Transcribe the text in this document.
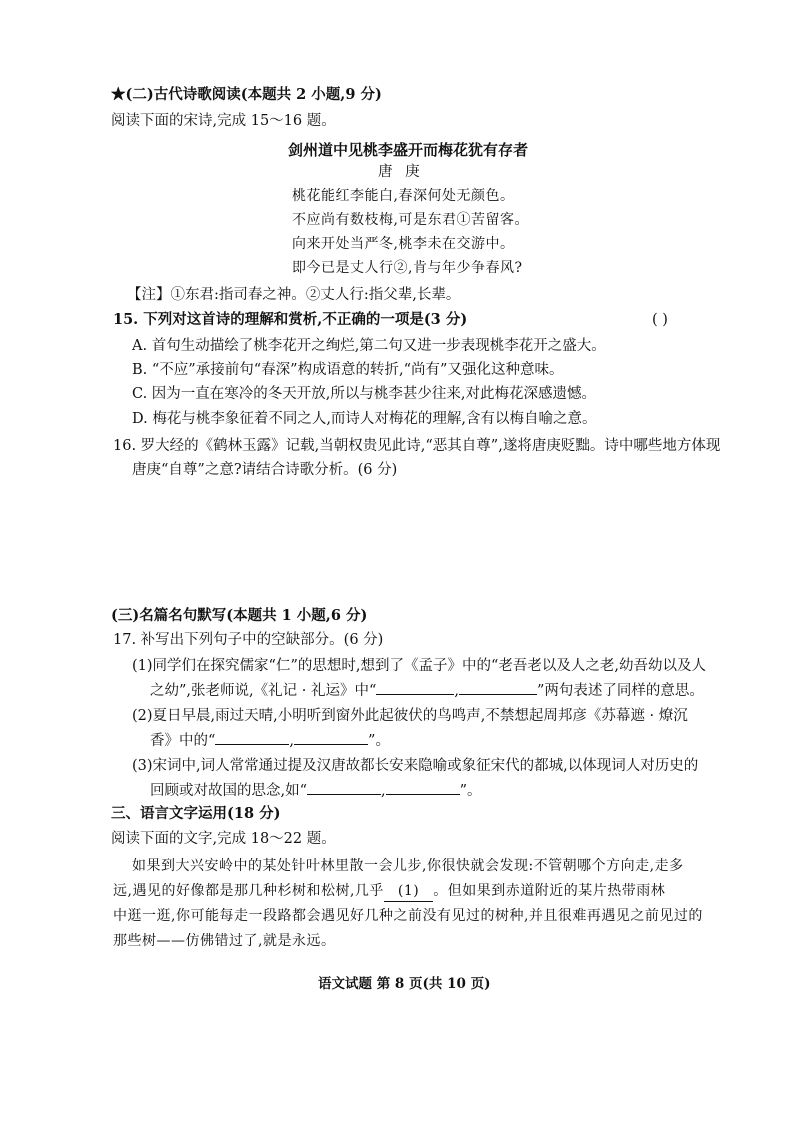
★(二)古代诗歌阅读(本题共 2 小题,9 分)
阅读下面的宋诗,完成 15～16 题。
剑州道中见桃李盛开而梅花犹有存者
唐 庚
桃花能红李能白,春深何处无颜色。
不应尚有数枝梅,可是东君①苦留客。
向来开处当严冬,桃李未在交游中。
即今已是丈人行②,肯与年少争春风?
【注】①东君:指司春之神。②丈人行:指父辈,长辈。
15. 下列对这首诗的理解和赏析,不正确的一项是(3 分)	( )
A. 首句生动描绘了桃李花开之绚烂,第二句又进一步表现桃李花开之盛大。
B. “不应”承接前句“春深”构成语意的转折,“尚有”又强化这种意味。
C. 因为一直在寒冷的冬天开放,所以与桃李甚少往来,对此梅花深感遗憾。
D. 梅花与桃李象征着不同之人,而诗人对梅花的理解,含有以梅自喻之意。
16. 罗大经的《鹤林玉露》记载,当朝权贵见此诗,“恶其自尊”,遂将唐庚贬黜。诗中哪些地方体现
唐庚“自尊”之意?请结合诗歌分析。(6 分)
(三)名篇名句默写(本题共 1 小题,6 分)
17. 补写出下列句子中的空缺部分。(6 分)
(1)同学们在探究儒家“仁”的思想时,想到了《孟子》中的“老吾老以及人之老,幼吾幼以及人
之幼”,张老师说,《礼记 · 礼运》中“	,	”两句表述了同样的意思。
(2)夏日早晨,雨过天晴,小明听到窗外此起彼伏的鸟鸣声,不禁想起周邦彦《苏幕遮 · 燎沉
香》中的“	,	”。
(3)宋词中,词人常常通过提及汉唐故都长安来隐喻或象征宋代的都城,以体现词人对历史的
回顾或对故国的思念,如“	,	”。
三、语言文字运用(18 分)
阅读下面的文字,完成 18～22 题。
如果到大兴安岭中的某处针叶林里散一会儿步,你很快就会发现:不管朝哪个方向走,走多
远,遇见的好像都是那几种杉树和松树,几乎 (1) 。但如果到赤道附近的某片热带雨林
中逛一逛,你可能每走一段路都会遇见好几种之前没有见过的树种,并且很难再遇见之前见过的
那些树——仿佛错过了,就是永远。
语文试题 第 8 页(共 10 页)
